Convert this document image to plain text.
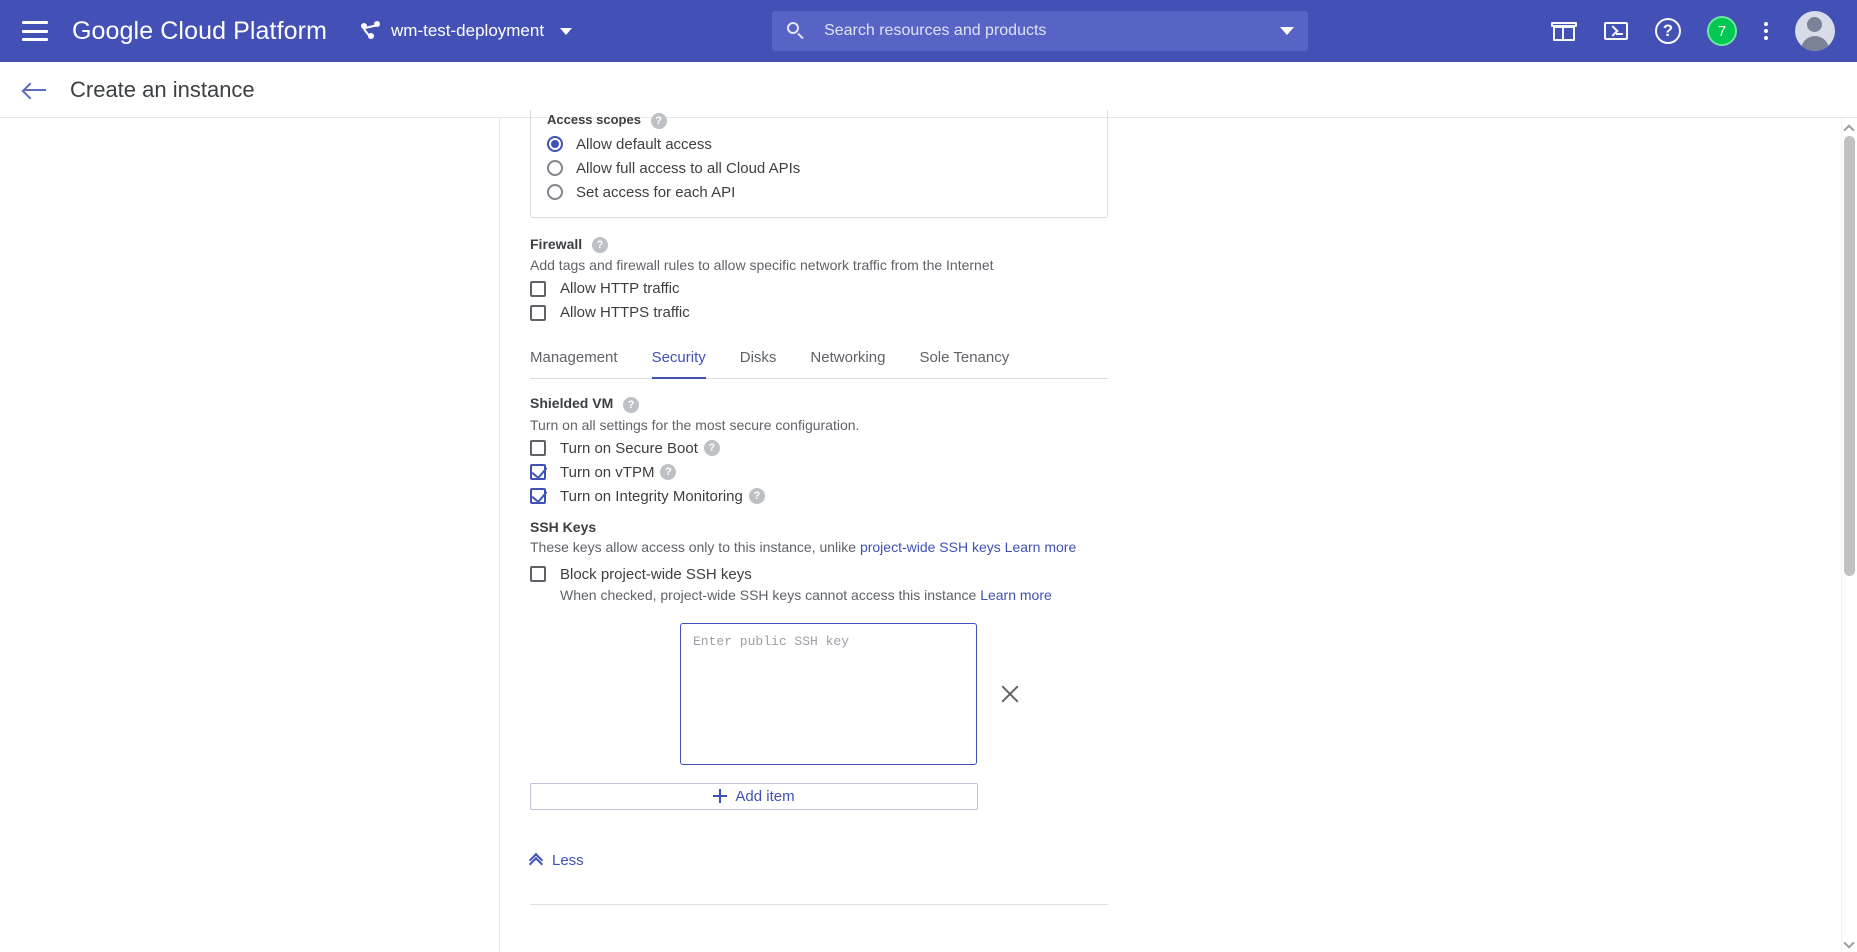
Google Cloud Platform	wm-test-deployment
Search resources and products	?	7
Create an instance
Access scopes ?
Allow default access
Allow full access to all Cloud APIs
Set access for each API
Firewall ?
Add tags and firewall rules to allow specific network traffic from the Internet
Allow HTTP traffic
Allow HTTPS traffic
Management Security Disks Networking Sole Tenancy
Shielded VM ?
Turn on all settings for the most secure configuration.
Turn on Secure Boot ?
Turn on vTPM ?
Turn on Integrity Monitoring ?
SSH Keys
These keys allow access only to this instance, unlike project-wide SSH keys Learn more
Block project-wide SSH keys
When checked, project-wide SSH keys cannot access this instance Learn more
Enter public SSH key
Add item
Less
